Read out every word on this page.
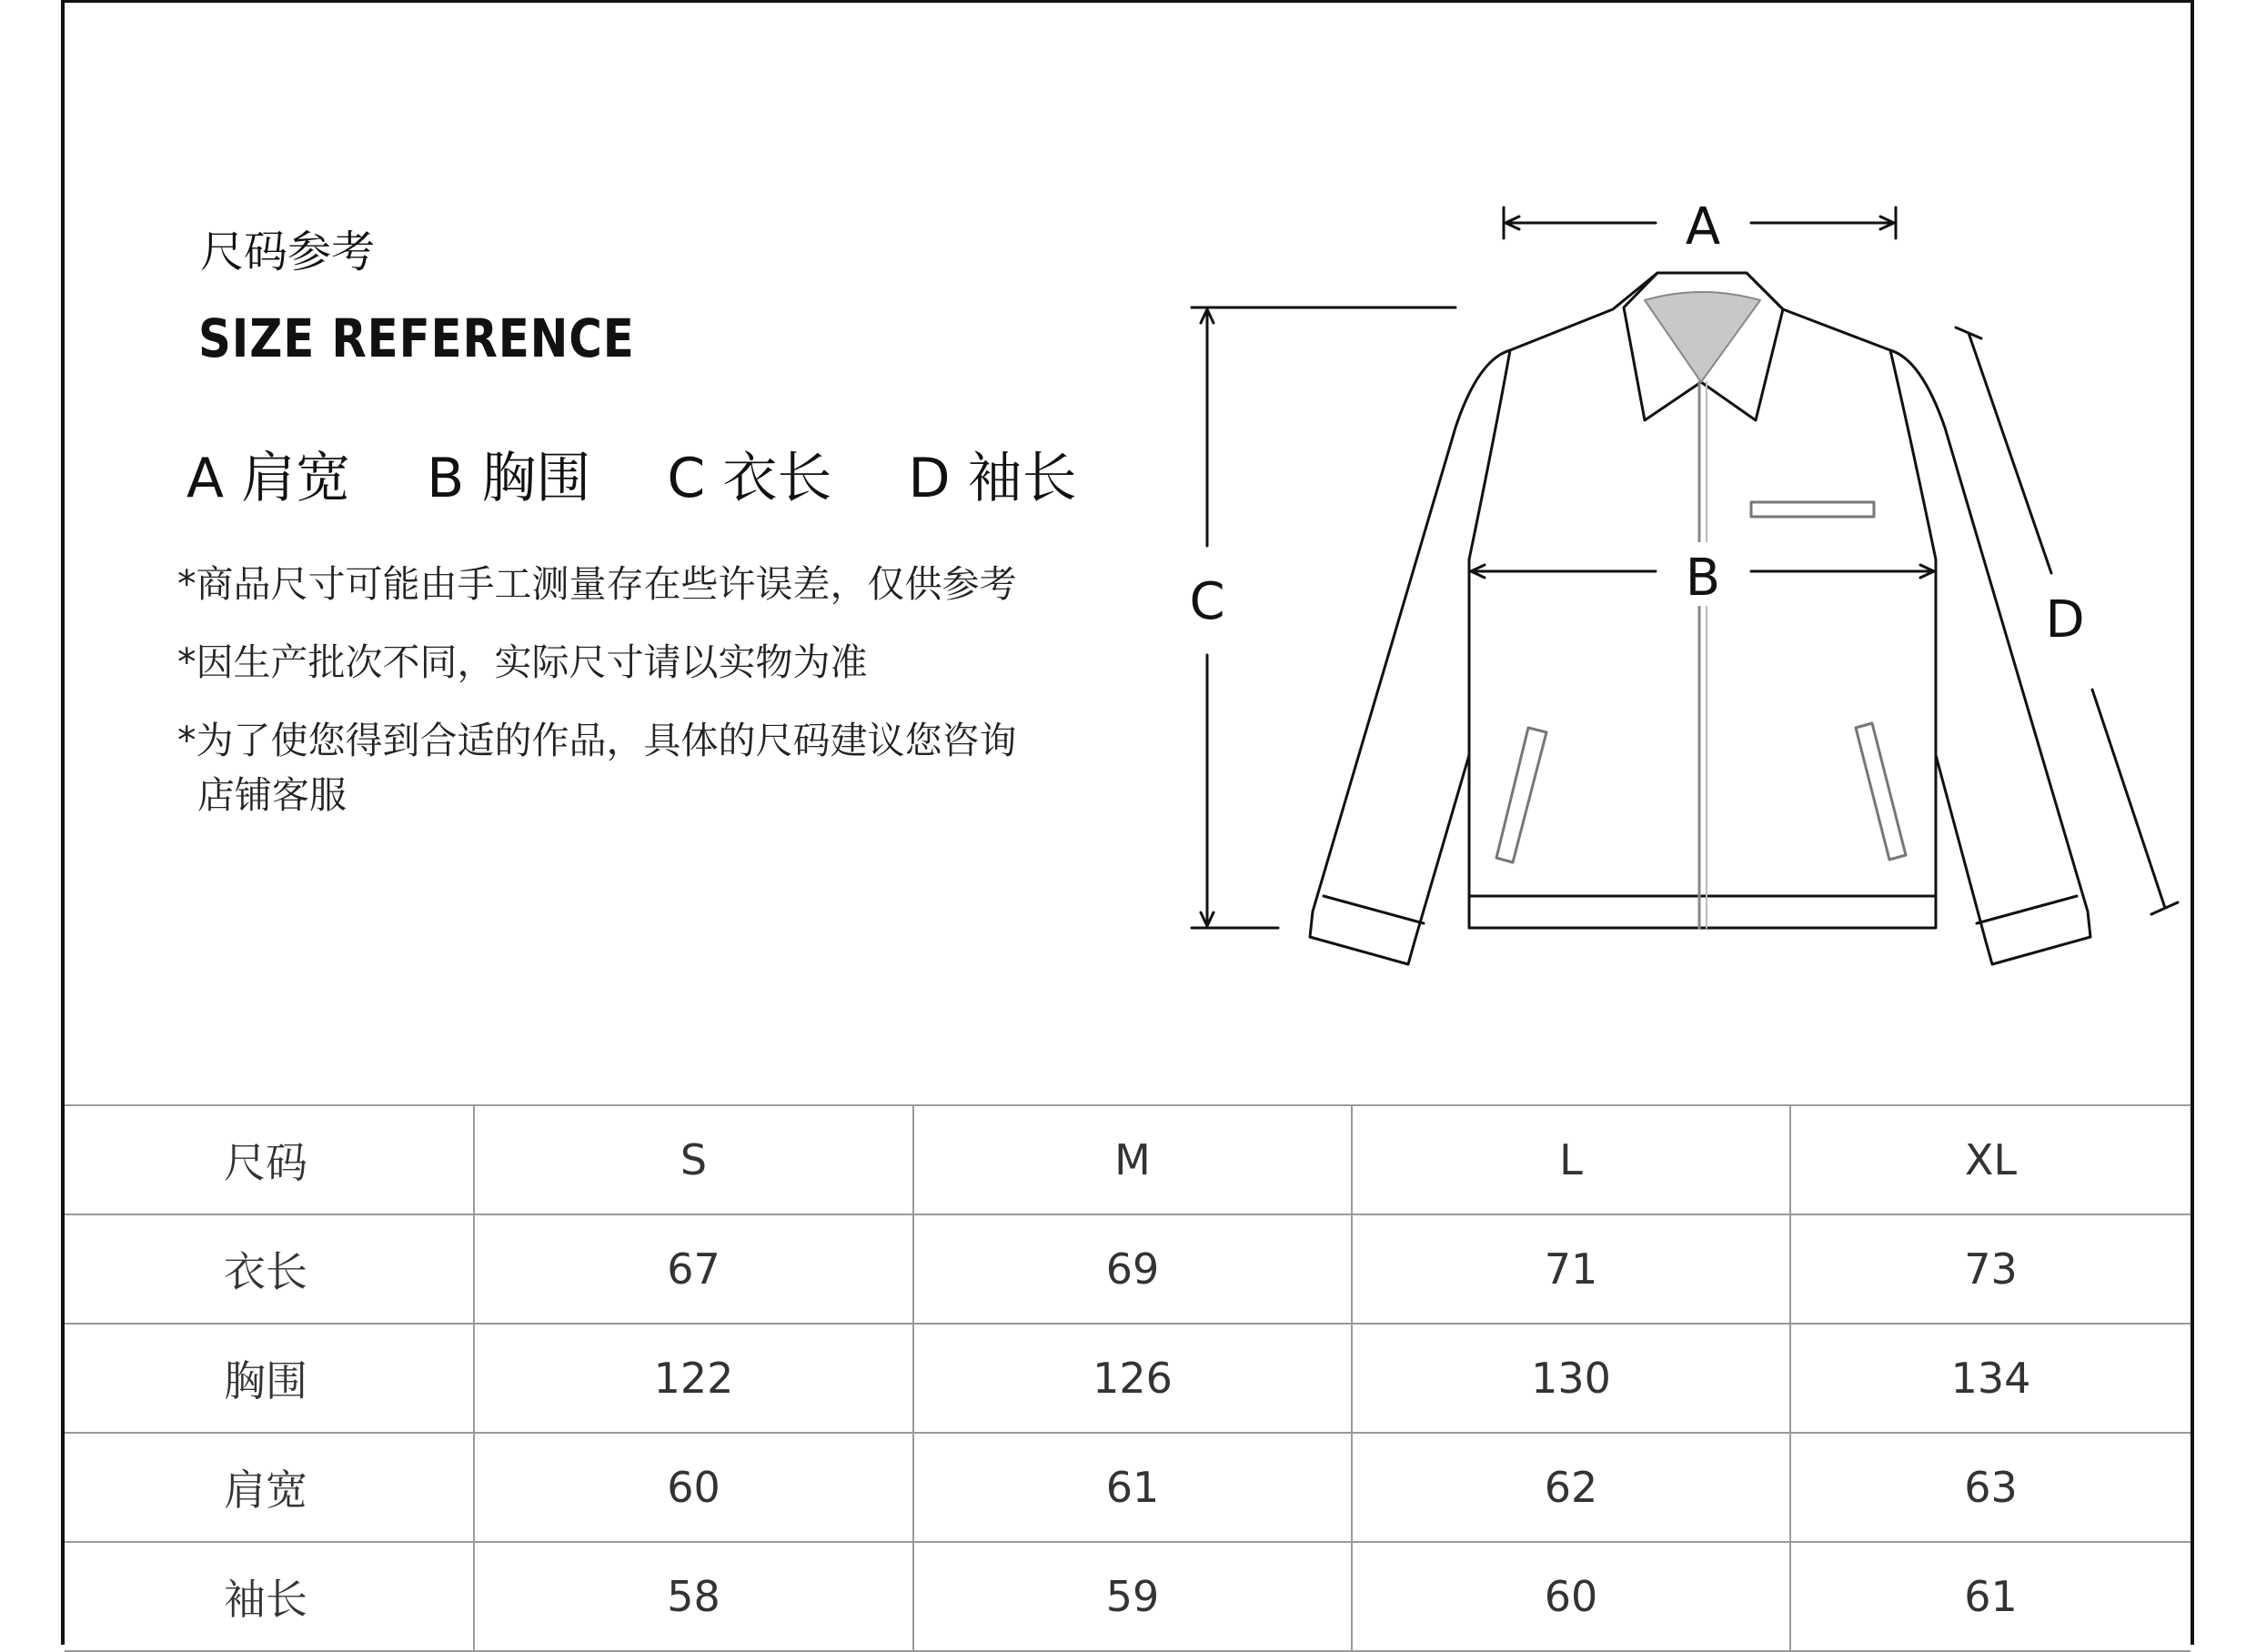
尺码参考
SIZE REFERENCE
A 肩宽 B 胸围 C 衣长 D 袖长
*商品尺寸可能由手工测量存在些许误差，仅供参考
*因生产批次不同，实际尺寸请以实物为准
*为了使您得到合适的作品，具体的尺码建议您咨询
店铺客服
A
B
C	D
尺码	S	M	L	XL
衣长	67	69	71	73
胸围	122	126	130	134
肩宽	60	61	62	63
袖长	58	59	60	61
